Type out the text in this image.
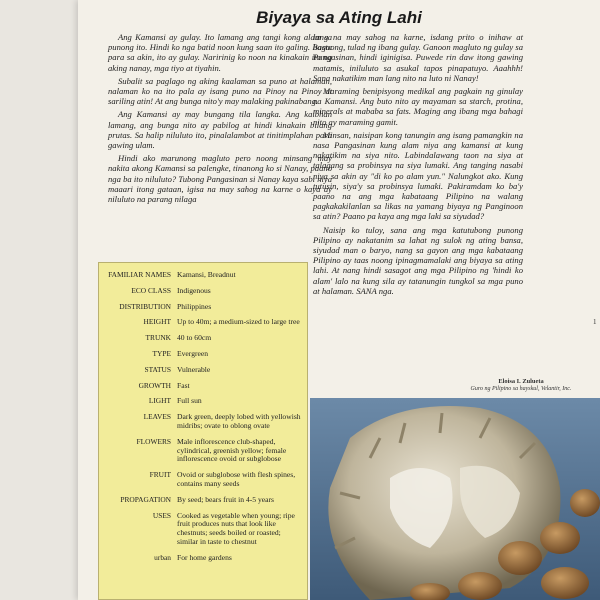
Biyaya sa Ating Lahi

Ang Kamansi ay gulay. Ito lamang ang tangi kong alam sa punong ito. Hindi ko nga batid noon kung saan ito galing. Basta para sa akin, ito ay gulay. Naririnig ko noon na kinakain ito ng aking nanay, mga tiyo at tiyahin.

Subalit sa paglago ng aking kaalaman sa puno at halaman, nalaman ko na ito pala ay isang puno na Pinoy na Pinoy at sariling atin! At ang bunga nito'y may malaking pakinabang.

Ang Kamansi ay may bungang tila langka. Ang kaibhan lamang, ang bunga nito ay pabilog at hindi kinakain bilang prutas. Sa halip niluluto ito, pinalalambot at tinitimplahan para gawing ulam.

Hindi ako marunong magluto pero noong minsang may nakita akong Kamansi sa palengke, tinanong ko si Nanay, paano nga ba ito niluluto? Tubong Pangasinan si Nanay kaya sabi niya maaari itong gataan, igisa na may sahog na karne o kaya ay niluluto na parang nilaga

lang na may sahog na karne, isdang prito o inihaw at bagoong, tulad ng ibang gulay. Ganoon magluto ng gulay sa Pangasinan, hindi iginigisa. Puwede rin daw itong gawing matamis, iniluluto sa asukal tapos pinapatuyo. Aaahhh! Sana nakatikim man lang nito na luto ni Nanay!

Maraming benipisyong medikal ang pagkain ng ginulay na Kamansi. Ang buto nito ay mayaman sa starch, protina, minerals at mababa sa fats. Maging ang ibang mga bahagi nito ay maraming gamit.

Minsan, naisipan kong tanungin ang isang pamangkin na nasa Pangasinan kung alam niya ang kamansi at kung nakatikim na siya nito. Labindalawang taon na siya at talagang sa probinsya na siya lumaki. Ang tanging nasabi niya sa akin ay "di ko po alam yun." Nalungkot ako. Kung tutusin, siya'y sa probinsya lumaki. Pakiramdam ko ba'y paano na ang mga kabataang Pilipino na walang pagkakakilanlan sa likas na yamang biyaya ng Panginoon sa atin? Paano pa kaya ang mga laki sa siyudad?

Naisip ko tuloy, sana ang mga katutubong punong Pilipino ay nakatanim sa lahat ng sulok ng ating bansa, siyudad man o baryo, nang sa gayon ang mga kabataang Pilipino ay taas noong ipinagmamalaki ang biyaya sa ating lahi. At nang hindi sasagot ang mga Pilipino ng 'hindi ko alam' lalo na kung sila ay tatanungin tungkol sa mga puno at halaman. SANA nga.

1
FAMILIAR NAMES Kamansi, Breadnut
ECO CLASS Indigenous
DISTRIBUTION Philippines
HEIGHT Up to 40m; a medium-sized to large tree
TRUNK 40 to 60cm
TYPE Evergreen
STATUS Vulnerable
GROWTH Fast
LIGHT Full sun
LEAVES Dark green, deeply lobed with yellowish midribs; ovate to oblong ovate
FLOWERS Male inflorescence club-shaped, cylindrical, greenish yellow; female inflorescence ovoid or subglobose
FRUIT Ovoid or subglobose with flesh spines, contains many seeds
PROPAGATION By seed; bears fruit in 4-5 years
USES Cooked as vegetable when young; ripe fruit produces nuts that look like chestnuts; seeds boiled or roasted; similar in taste to chestnut
urban For home gardens
Eloisa I. Zulueta
Guro ng Pilipino sa hayskul, Velantir, Inc.
